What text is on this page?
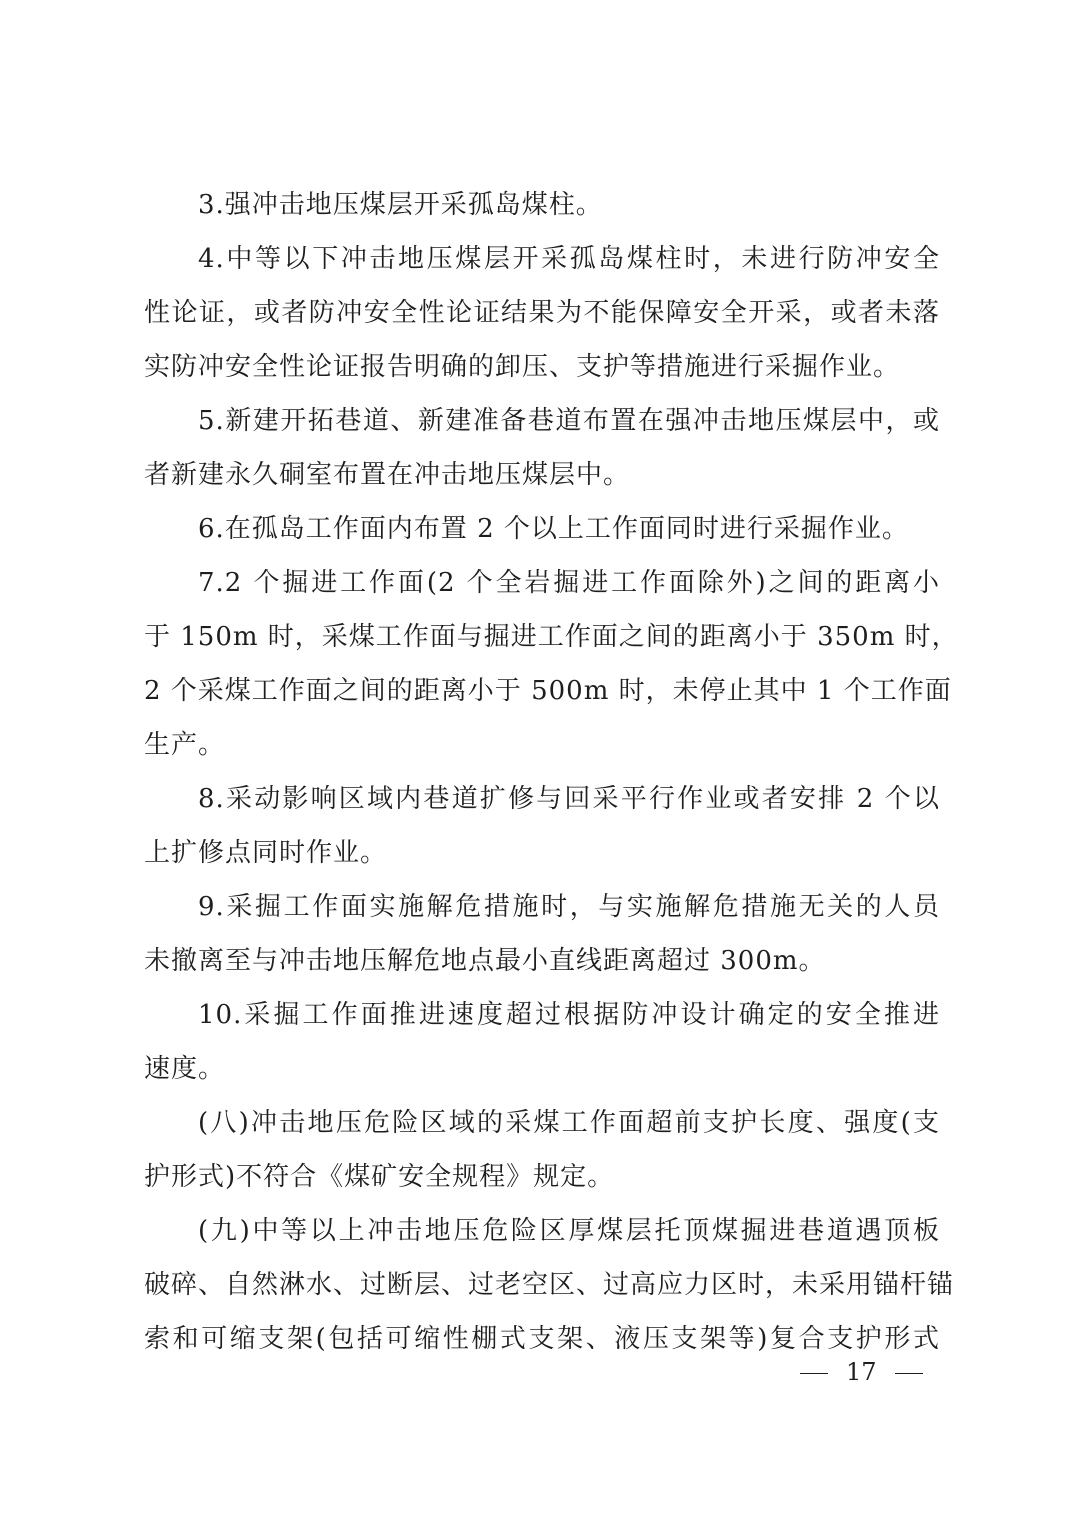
3.强冲击地压煤层开采孤岛煤柱。
4.中等以下冲击地压煤层开采孤岛煤柱时，未进行防冲安全
性论证，或者防冲安全性论证结果为不能保障安全开采，或者未落
实防冲安全性论证报告明确的卸压、支护等措施进行采掘作业。
5.新建开拓巷道、新建准备巷道布置在强冲击地压煤层中，或
者新建永久硐室布置在冲击地压煤层中。
6.在孤岛工作面内布置 2 个以上工作面同时进行采掘作业。
7.2 个掘进工作面(2 个全岩掘进工作面除外)之间的距离小
于 150m 时，采煤工作面与掘进工作面之间的距离小于 350m 时，
2 个采煤工作面之间的距离小于 500m 时，未停止其中 1 个工作面
生产。
8.采动影响区域内巷道扩修与回采平行作业或者安排 2 个以
上扩修点同时作业。
9.采掘工作面实施解危措施时，与实施解危措施无关的人员
未撤离至与冲击地压解危地点最小直线距离超过 300m。
10.采掘工作面推进速度超过根据防冲设计确定的安全推进
速度。
(八)冲击地压危险区域的采煤工作面超前支护长度、强度(支
护形式)不符合《煤矿安全规程》规定。
(九)中等以上冲击地压危险区厚煤层托顶煤掘进巷道遇顶板
破碎、自然淋水、过断层、过老空区、过高应力区时，未采用锚杆锚
索和可缩支架(包括可缩性棚式支架、液压支架等)复合支护形式
17
